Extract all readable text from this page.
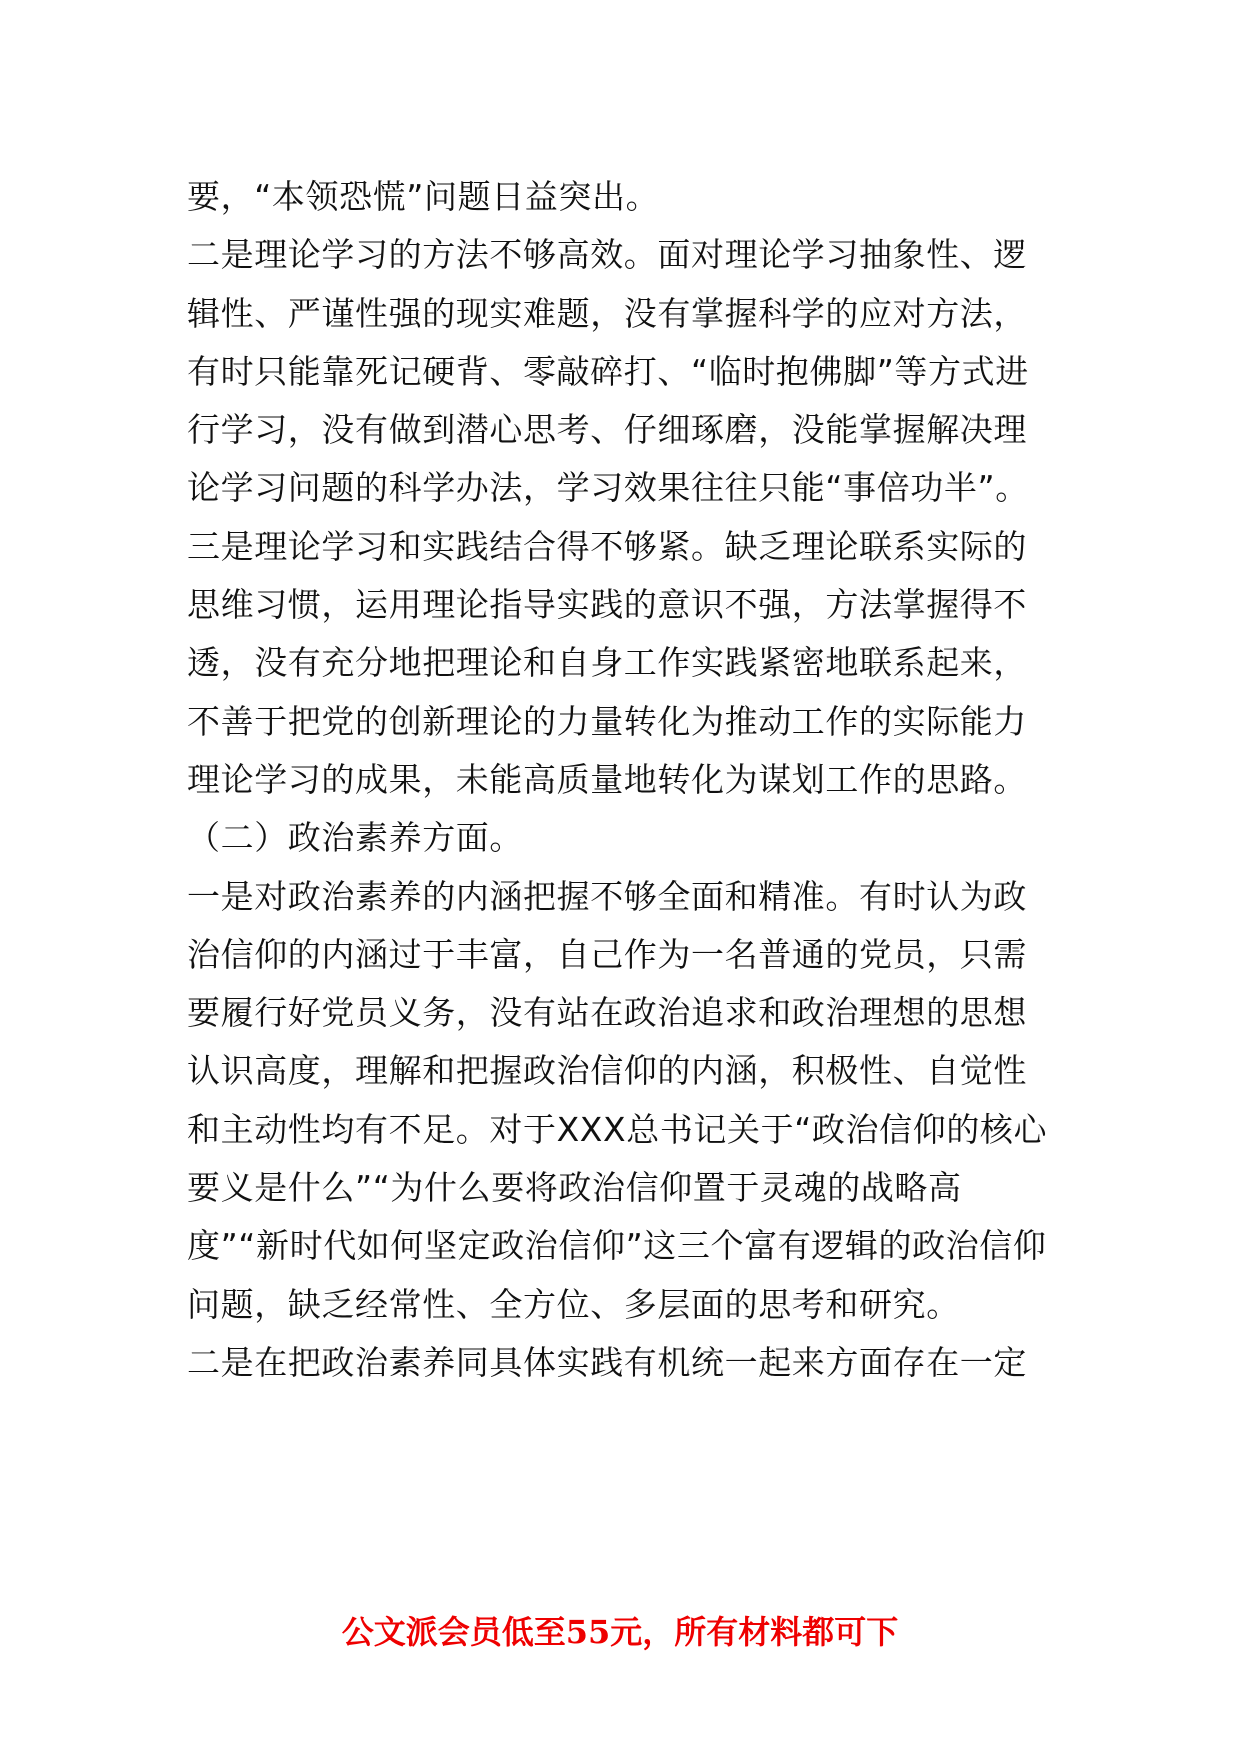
要，“本领恐慌”问题日益突出。

二是理论学习的方法不够高效。面对理论学习抽象性、逻辑性、严谨性强的现实难题，没有掌握科学的应对方法，有时只能靠死记硬背、零敲碎打、“临时抱佛脚”等方式进行学习，没有做到潜心思考、仔细琢磨，没能掌握解决理论学习问题的科学办法，学习效果往往只能“事倍功半”。

三是理论学习和实践结合得不够紧。缺乏理论联系实际的思维习惯，运用理论指导实践的意识不强，方法掌握得不透，没有充分地把理论和自身工作实践紧密地联系起来，不善于把党的创新理论的力量转化为推动工作的实际能力理论学习的成果，未能高质量地转化为谋划工作的思路。

（二）政治素养方面。

一是对政治素养的内涵把握不够全面和精准。有时认为政治信仰的内涵过于丰富，自己作为一名普通的党员，只需要履行好党员义务，没有站在政治追求和政治理想的思想认识高度，理解和把握政治信仰的内涵，积极性、自觉性和主动性均有不足。对于XXX总书记关于“政治信仰的核心要义是什么”“为什么要将政治信仰置于灵魂的战略高度”“新时代如何坚定政治信仰”这三个富有逻辑的政治信仰问题，缺乏经常性、全方位、多层面的思考和研究。

二是在把政治素养同具体实践有机统一起来方面存在一定

公文派会员低至55元，所有材料都可下
